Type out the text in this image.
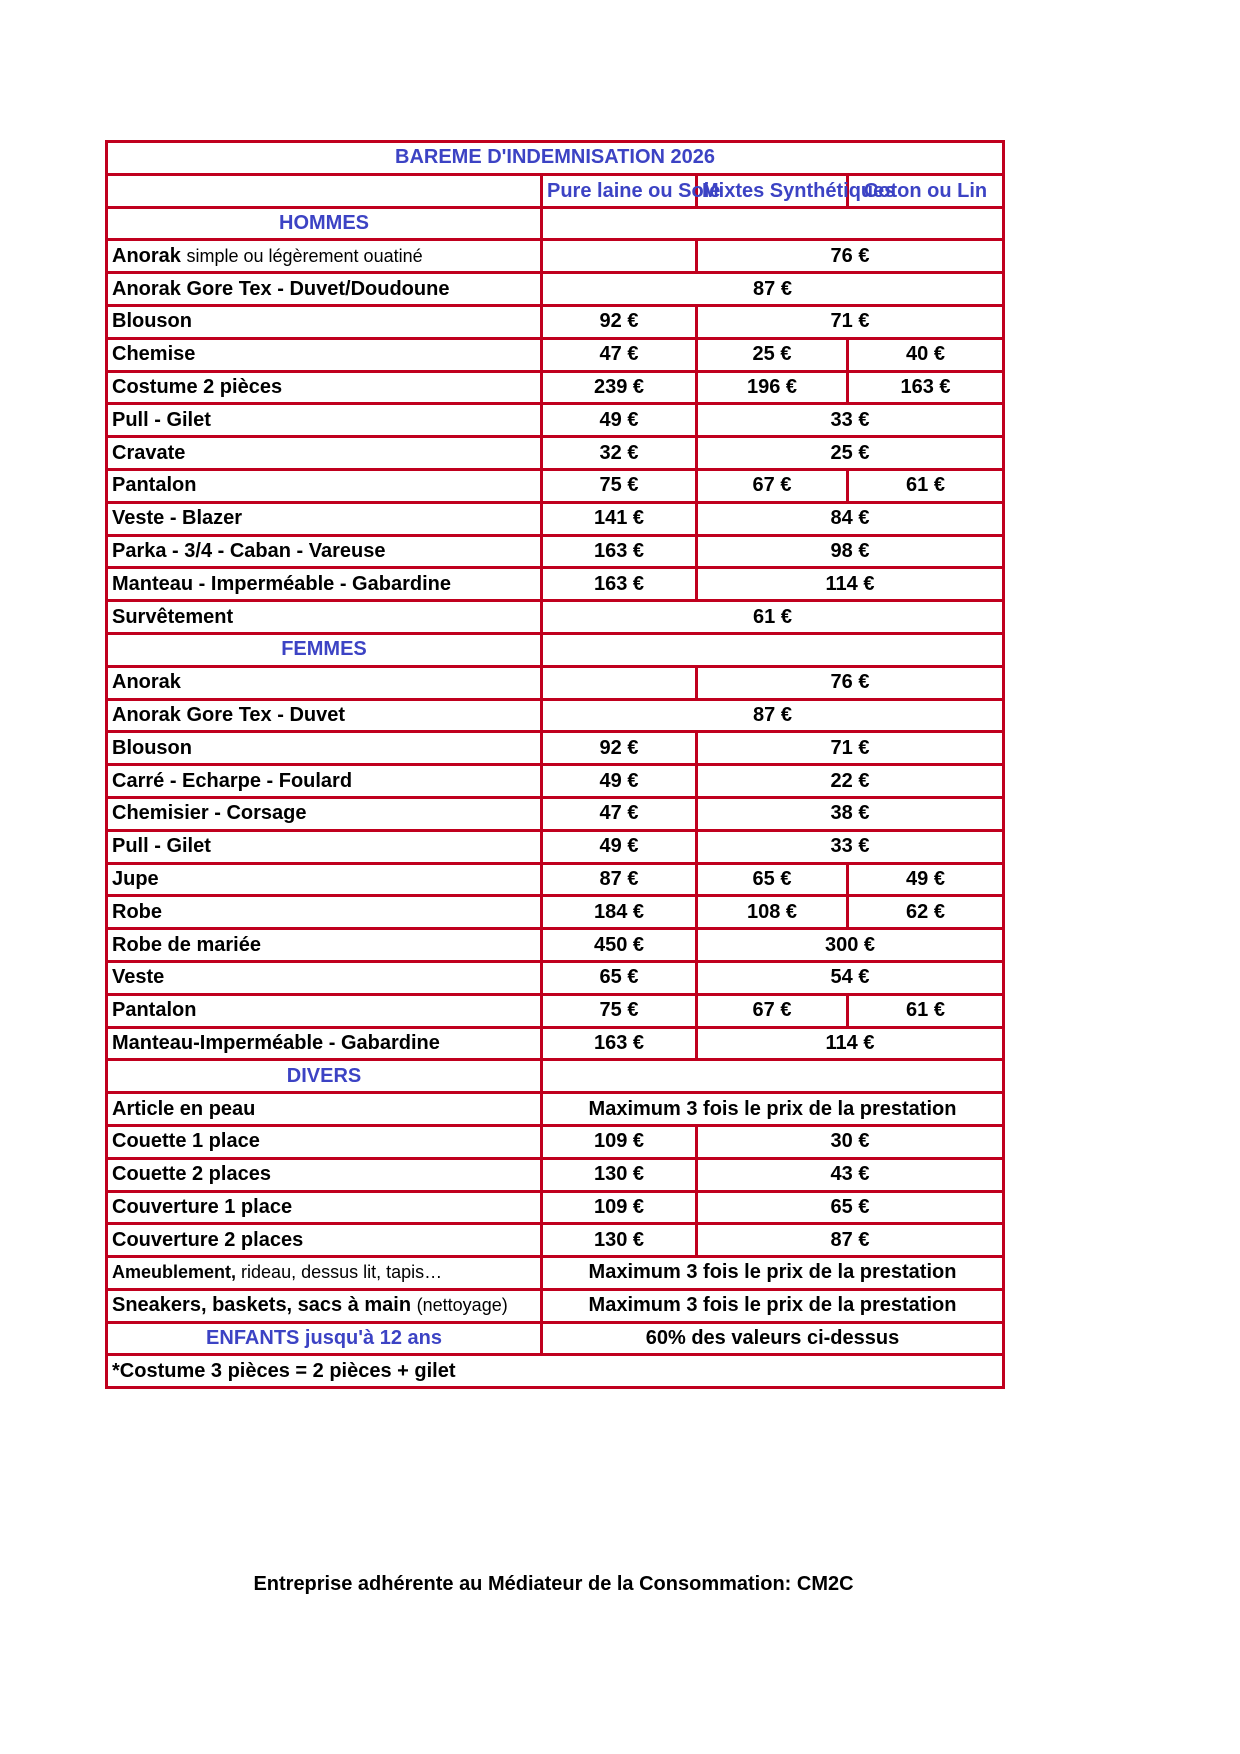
BAREME D'INDEMNISATION 2026			
	Pure laine ou Soie	Mixtes Synthétiques	Coton ou Lin
HOMMES			
Anorak simple ou légèrement ouatiné		76 €	
Anorak Gore Tex - Duvet/Doudoune	87 €		
Blouson	92 €	71 €	
Chemise	47 €	25 €	40 €
Costume 2 pièces	239 €	196 €	163 €
Pull - Gilet	49 €	33 €	
Cravate	32 €	25 €	
Pantalon	75 €	67 €	61 €
Veste - Blazer	141 €	84 €	
Parka - 3/4 - Caban - Vareuse	163 €	98 €	
Manteau - Imperméable - Gabardine	163 €	114 €	
Survêtement	61 €		
FEMMES			
Anorak		76 €	
Anorak Gore Tex - Duvet	87 €		
Blouson	92 €	71 €	
Carré - Echarpe - Foulard	49 €	22 €	
Chemisier - Corsage	47 €	38 €	
Pull - Gilet	49 €	33 €	
Jupe	87 €	65 €	49 €
Robe	184 €	108 €	62 €
Robe de mariée	450 €	300 €	
Veste	65 €	54 €	
Pantalon	75 €	67 €	61 €
Manteau-Imperméable - Gabardine	163 €	114 €	
DIVERS			
Article en peau	Maximum 3 fois le prix de la prestation		
Couette 1 place	109 €	30 €	
Couette 2 places	130 €	43 €	
Couverture 1 place	109 €	65 €	
Couverture 2 places	130 €	87 €	
Ameublement, rideau, dessus lit, tapis…	Maximum 3 fois le prix de la prestation		
Sneakers, baskets, sacs à main (nettoyage)	Maximum 3 fois le prix de la prestation		
ENFANTS jusqu'à 12 ans	60% des valeurs ci-dessus		
*Costume 3 pièces = 2 pièces + gilet			
Entreprise adhérente au Médiateur de la Consommation: CM2C
